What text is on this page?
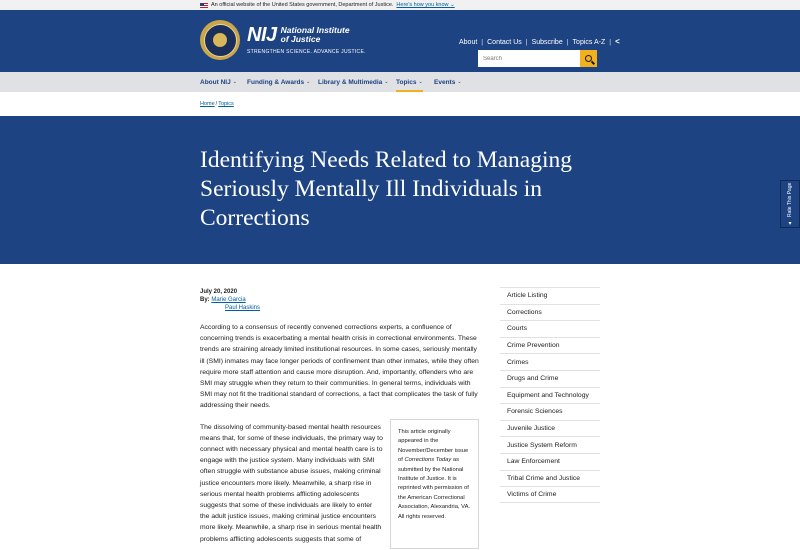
An official website of the United States government, Department of Justice. Here's how you know ⌄
NIJ National Institute of Justice
STRENGTHEN SCIENCE. ADVANCE JUSTICE.
About | Contact Us | Subscribe | Topics A-Z |
<
Search
About NIJ ⌄ Funding & Awards ⌄ Library & Multimedia ⌄ Topics ⌄ Events ⌄
Home / Topics
Identifying Needs Related to Managing Seriously Mentally Ill Individuals in Corrections	▲
Rate This Page
July 20, 2020
By: Marie Garcia
Paul Haskins

According to a consensus of recently convened corrections experts, a confluence of concerning trends is exacerbating a mental health crisis in correctional environments. These trends are straining already limited institutional resources. In some cases, seriously mentally ill (SMI) inmates may face longer periods of confinement than other inmates, while they often require more staff attention and cause more disruption. And, importantly, offenders who are SMI may struggle when they return to their communities. In general terms, individuals with SMI may not fit the traditional standard of corrections, a fact that complicates the task of fully addressing their needs.

The dissolving of community-based mental health resources means that, for some of these individuals, the primary way to connect with necessary physical and mental health care is to engage with the justice system. Many individuals with SMI often struggle with substance abuse issues, making criminal justice encounters more likely. Meanwhile, a sharp rise in serious mental health problems afflicting adolescents suggests that some of these individuals are likely to enter the adult justice issues, making criminal justice encounters more likely. Meanwhile, a sharp rise in serious mental health problems afflicting adolescents suggests that some of

This article originally appeared in the November/December issue of Corrections Today as submitted by the National Institute of Justice. It is reprinted with permission of the American Correctional Association, Alexandria, VA. All rights reserved.
Article Listing
Corrections
Courts
Crime Prevention
Crimes
Drugs and Crime
Equipment and Technology
Forensic Sciences
Juvenile Justice
Justice System Reform
Law Enforcement
Tribal Crime and Justice
Victims of Crime
